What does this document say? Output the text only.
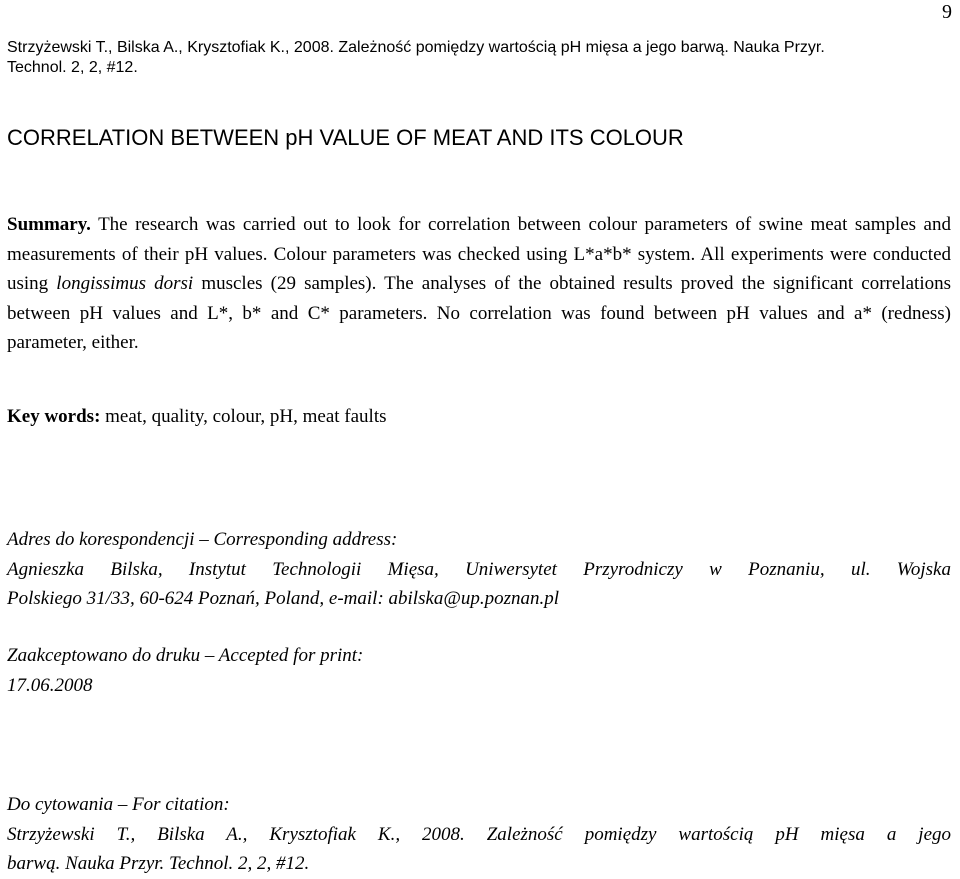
9
Strzyżewski T., Bilska A., Krysztofiak K., 2008. Zależność pomiędzy wartością pH mięsa a jego barwą. Nauka Przyr.
Technol. 2, 2, #12.
CORRELATION BETWEEN pH VALUE OF MEAT AND ITS COLOUR

Summary. The research was carried out to look for correlation between colour parameters of swine meat samples and measurements of their pH values. Colour parameters was checked using L*a*b* system. All experiments were conducted using longissimus dorsi muscles (29 samples). The analyses of the obtained results proved the significant correlations between pH values and L*, b* and C* parameters. No correlation was found between pH values and a* (redness) parameter, either.

Key words: meat, quality, colour, pH, meat faults

Adres do korespondencji – Corresponding address:
Agnieszka Bilska, Instytut Technologii Mięsa, Uniwersytet Przyrodniczy w Poznaniu, ul. Wojska
Polskiego 31/33, 60-624 Poznań, Poland, e-mail: abilska@up.poznan.pl
Zaakceptowano do druku – Accepted for print:
17.06.2008
Do cytowania – For citation:
Strzyżewski T., Bilska A., Krysztofiak K., 2008. Zależność pomiędzy wartością pH mięsa a jego
barwą. Nauka Przyr. Technol. 2, 2, #12.
